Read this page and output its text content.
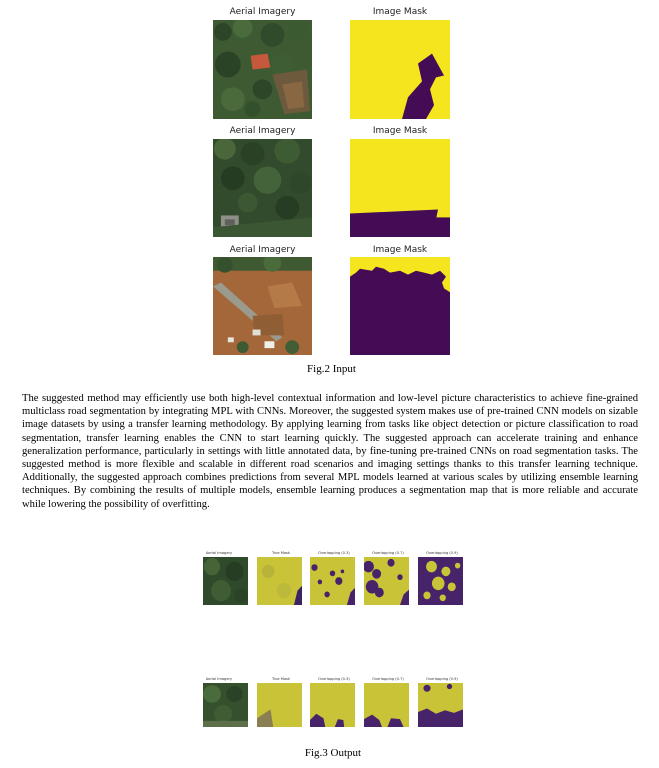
Aerial Imagery	Image Mask
Aerial Imagery	Image Mask
Aerial Imagery	Image Mask
Fig.2 Input

The suggested method may efficiently use both high-level contextual information and low-level picture characteristics to achieve fine-grained multiclass road segmentation by integrating MPL with CNNs. Moreover, the suggested system makes use of pre-trained CNN models on sizable image datasets by using a transfer learning methodology. By applying learning from tasks like object detection or picture classification to road segmentation, transfer learning enables the CNN to start learning quickly. The suggested approach can accelerate training and enhance generalization performance, particularly in settings with little annotated data, by fine-tuning pre-trained CNNs on road segmentation tasks. The suggested method is more flexible and scalable in different road scenarios and imaging settings thanks to this transfer learning technique. Additionally, the suggested approach combines predictions from several MPL models learned at various scales by utilizing ensemble learning techniques. By combining the results of multiple models, ensemble learning produces a segmentation map that is more reliable and accurate while lowering the possibility of overfitting.

Aerial Imagery	True Mask	Overlapping (0.3)	Overlapping (0.7)	Overlapping (0.9)
Aerial Imagery	True Mask	Overlapping (0.3)	Overlapping (0.7)	Overlapping (0.9)
Fig.3 Output
